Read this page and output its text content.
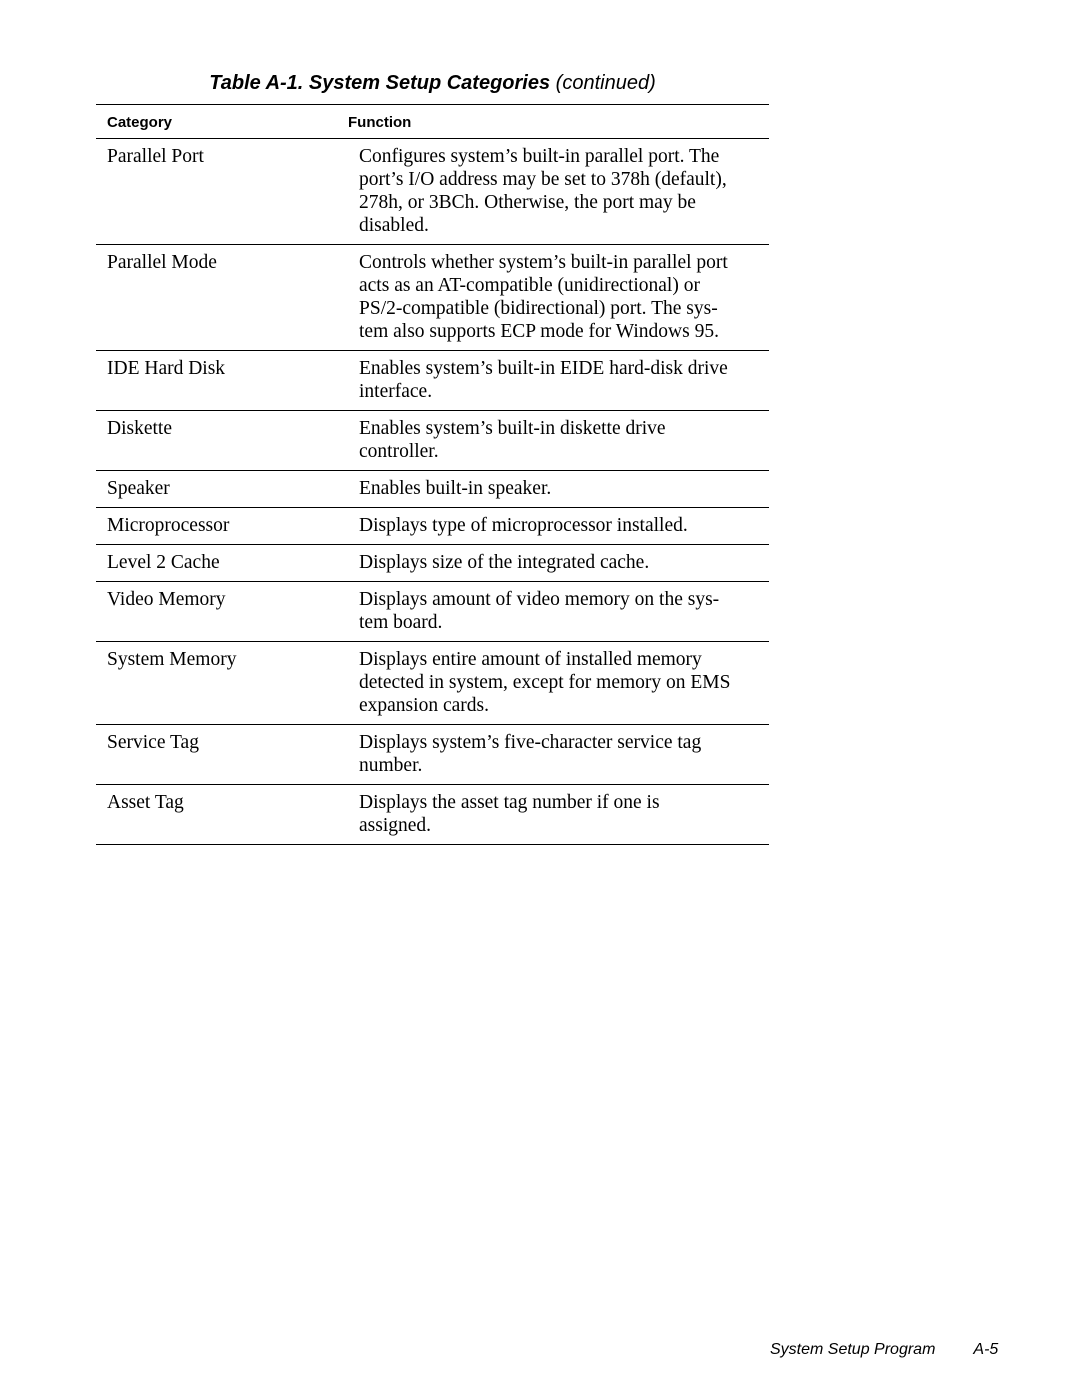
Table A-1. System Setup Categories (continued)
Category	Function
Parallel Port	Configures system’s built-in parallel port. The
port’s I/O address may be set to 378h (default),
278h, or 3BCh. Otherwise, the port may be
disabled.
Parallel Mode	Controls whether system’s built-in parallel port
acts as an AT-compatible (unidirectional) or
PS/2-compatible (bidirectional) port. The sys-
tem also supports ECP mode for Windows 95.
IDE Hard Disk	Enables system’s built-in EIDE hard-disk drive
interface.
Diskette	Enables system’s built-in diskette drive
controller.
Speaker	Enables built-in speaker.
Microprocessor	Displays type of microprocessor installed.
Level 2 Cache	Displays size of the integrated cache.
Video Memory	Displays amount of video memory on the sys-
tem board.
System Memory	Displays entire amount of installed memory
detected in system, except for memory on EMS
expansion cards.
Service Tag	Displays system’s five-character service tag
number.
Asset Tag	Displays the asset tag number if one is
assigned.
System Setup Program A-5
